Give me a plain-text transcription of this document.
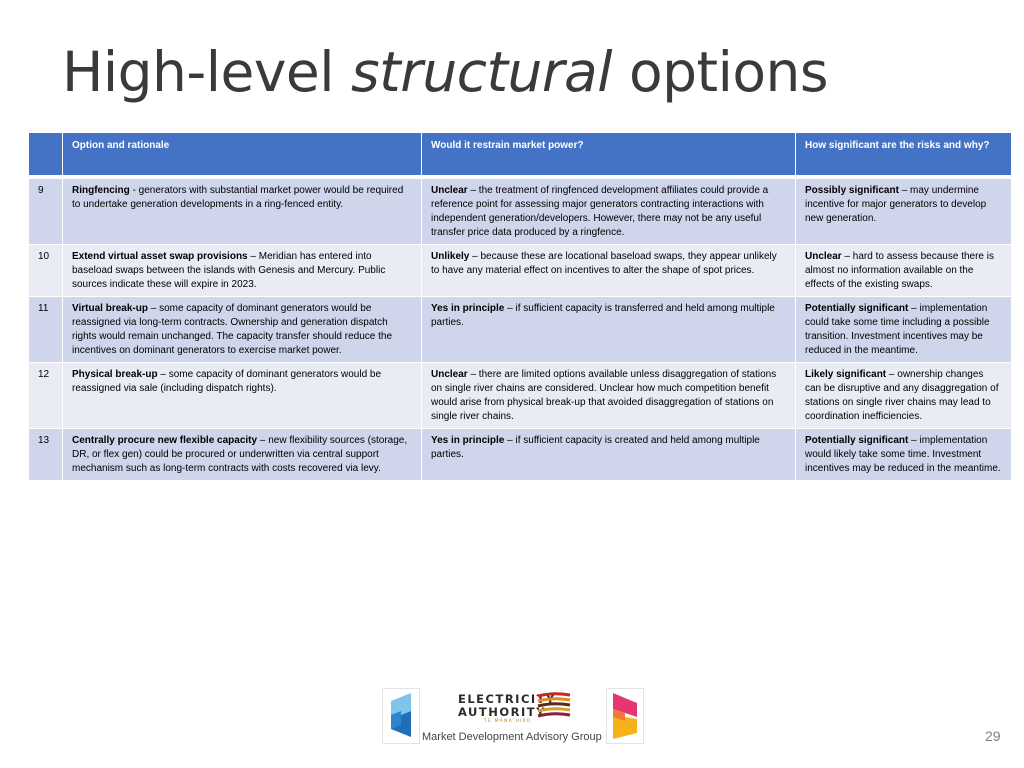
High-level structural options
	Option and rationale	Would it restrain market power?	How significant are the risks and why?

9	Ringfencing - generators with substantial market power would be required to undertake generation developments in a ring-fenced entity.	Unclear – the treatment of ringfenced development affiliates could provide a reference point for assessing major generators contracting interactions with independent generation/developers. However, there may not be any useful transfer price data produced by a ringfence.	Possibly significant – may undermine incentive for major generators to develop new generation.
10	Extend virtual asset swap provisions – Meridian has entered into baseload swaps between the islands with Genesis and Mercury. Public sources indicate these will expire in 2023.	Unlikely – because these are locational baseload swaps, they appear unlikely to have any material effect on incentives to alter the shape of spot prices.	Unclear – hard to assess because there is almost no information available on the effects of the existing swaps.
11	Virtual break-up – some capacity of dominant generators would be reassigned via long-term contracts. Ownership and generation dispatch rights would remain unchanged. The capacity transfer should reduce the incentives on dominant generators to exercise market power.	Yes in principle – if sufficient capacity is transferred and held among multiple parties.	Potentially significant – implementation could take some time including a possible transition. Investment incentives may be reduced in the meantime.
12	Physical break-up – some capacity of dominant generators would be reassigned via sale (including dispatch rights).	Unclear – there are limited options available unless disaggregation of stations on single river chains are considered. Unclear how much competition benefit would arise from physical break-up that avoided disaggregation of stations on single river chains.	Likely significant – ownership changes can be disruptive and any disaggregation of stations on single river chains may lead to coordination inefficiencies.
13	Centrally procure new flexible capacity – new flexibility sources (storage, DR, or flex gen) could be procured or underwritten via central support mechanism such as long-term contracts with costs recovered via levy.	Yes in principle – if sufficient capacity is created and held among multiple parties.	Potentially significant – implementation would likely take some time. Investment incentives may be reduced in the meantime.
ELECTRICITY
AUTHORITY
TE MANA HIKO
Market Development Advisory Group	29
